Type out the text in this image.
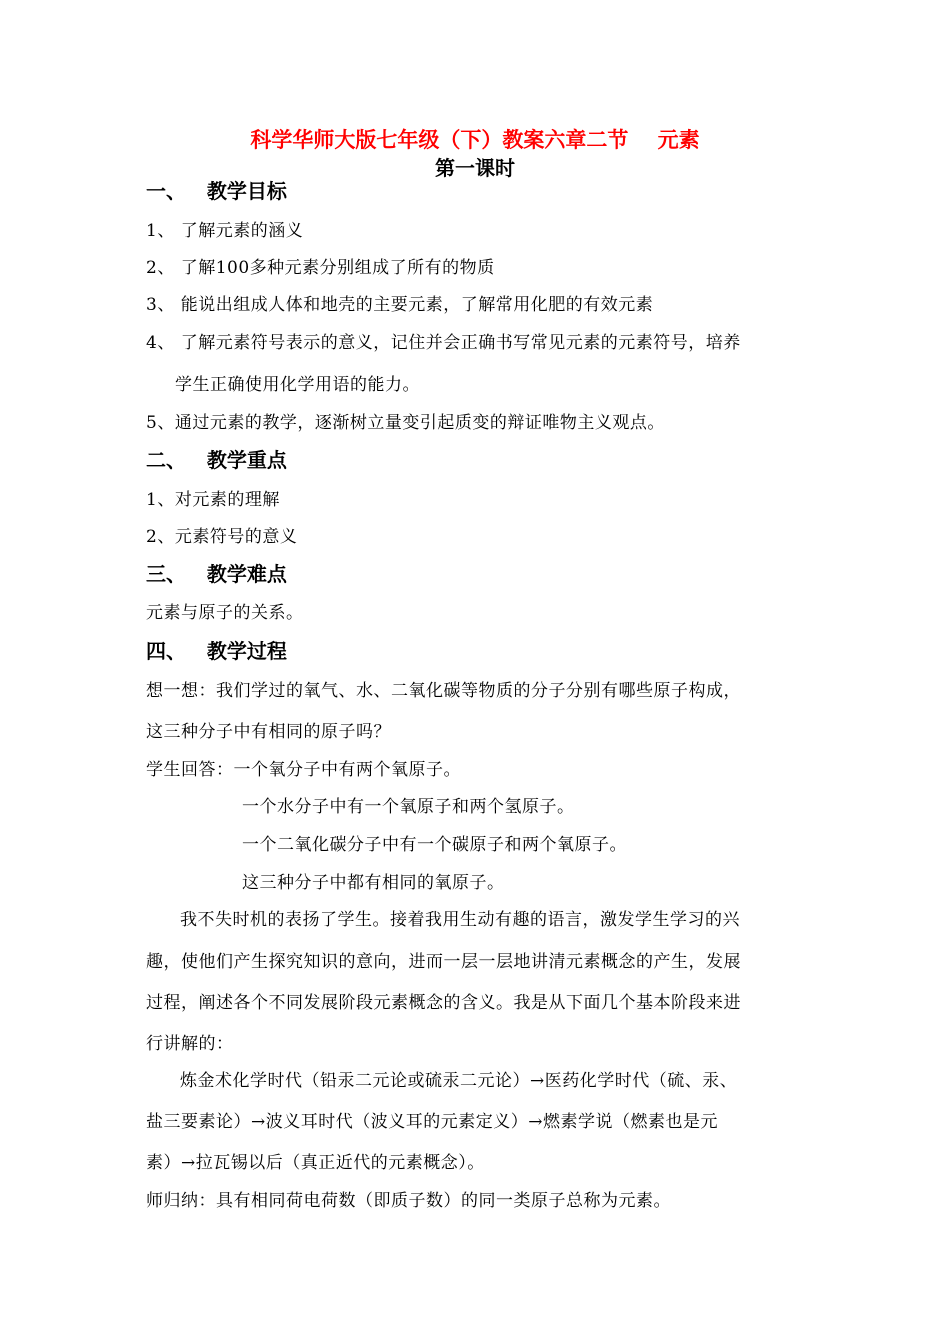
科学华师大版七年级（下）教案六章二节    元素
第一课时
一、   教学目标
1、 了解元素的涵义
2、 了解100多种元素分别组成了所有的物质
3、 能说出组成人体和地壳的主要元素，了解常用化肥的有效元素
4、 了解元素符号表示的意义，记住并会正确书写常见元素的元素符号，培养
学生正确使用化学用语的能力。
5、通过元素的教学，逐渐树立量变引起质变的辩证唯物主义观点。
二、   教学重点
1、对元素的理解
2、元素符号的意义
三、   教学难点
元素与原子的关系。
四、   教学过程
想一想：我们学过的氧气、水、二氧化碳等物质的分子分别有哪些原子构成，
这三种分子中有相同的原子吗？
学生回答：一个氧分子中有两个氧原子。
一个水分子中有一个氧原子和两个氢原子。
一个二氧化碳分子中有一个碳原子和两个氧原子。
这三种分子中都有相同的氧原子。
我不失时机的表扬了学生。接着我用生动有趣的语言，激发学生学习的兴
趣，使他们产生探究知识的意向，进而一层一层地讲清元素概念的产生，发展
过程，阐述各个不同发展阶段元素概念的含义。我是从下面几个基本阶段来进
行讲解的：
炼金术化学时代（铅汞二元论或硫汞二元论）→医药化学时代（硫、汞、
盐三要素论）→波义耳时代（波义耳的元素定义）→燃素学说（燃素也是元
素）→拉瓦锡以后（真正近代的元素概念）。
师归纳：具有相同荷电荷数（即质子数）的同一类原子总称为元素。
